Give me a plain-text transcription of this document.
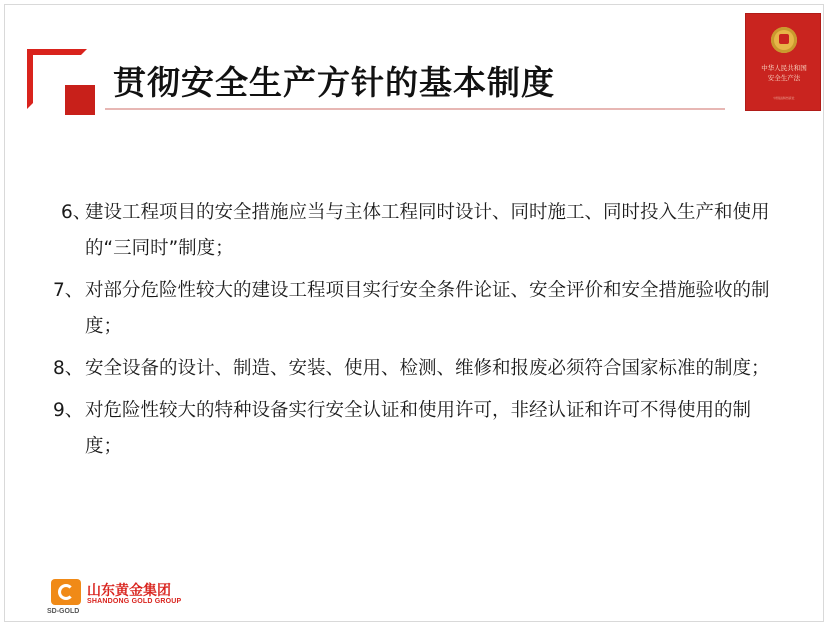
贯彻安全生产方针的基本制度	中华人民共和国
安全生产法
中国法制出版社
6、
建设工程项目的安全措施应当与主体工程同时设计、同时施工、同时投入生产和使用的“三同时”制度；
7、 对部分危险性较大的建设工程项目实行安全条件论证、安全评价和安全措施验收的制度；
8、 安全设备的设计、制造、安装、使用、检测、维修和报废必须符合国家标准的制度；
9、 对危险性较大的特种设备实行安全认证和使用许可，非经认证和许可不得使用的制度；
山东黄金集团
SHANDONG GOLD GROUP
SD-GOLD
